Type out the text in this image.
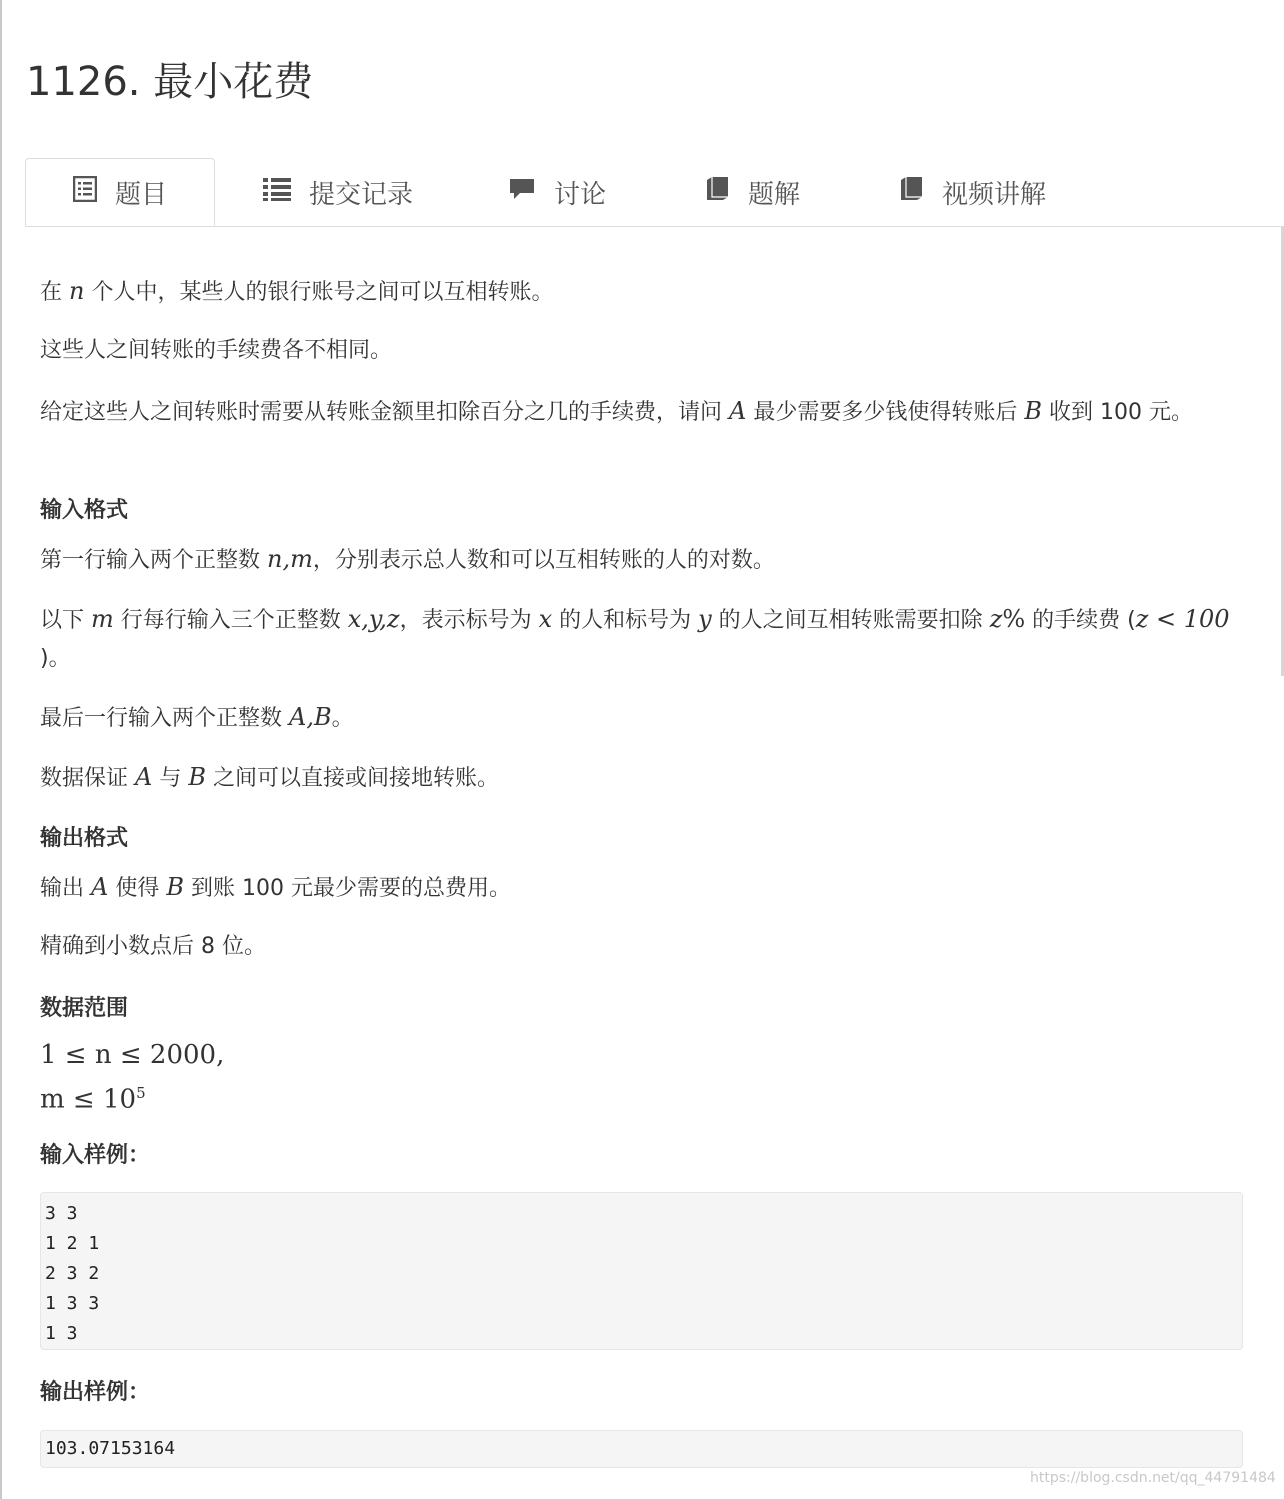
1126. 最小花费
题目	提交记录	讨论	题解	视频讲解

在 n 个人中，某些人的银行账号之间可以互相转账。

这些人之间转账的手续费各不相同。

给定这些人之间转账时需要从转账金额里扣除百分之几的手续费，请问 A 最少需要多少钱使得转账后 B 收到 100 元。

输入格式

第一行输入两个正整数 n,m，分别表示总人数和可以互相转账的人的对数。

以下 m 行每行输入三个正整数 x,y,z，表示标号为 x 的人和标号为 y 的人之间互相转账需要扣除 z% 的手续费 (z < 100 )。

最后一行输入两个正整数 A,B。

数据保证 A 与 B 之间可以直接或间接地转账。

输出格式

输出 A 使得 B 到账 100 元最少需要的总费用。

精确到小数点后 8 位。

数据范围

1 ≤ n ≤ 2000,

$m \le 10^5$

输入样例：
3 3
1 2 1
2 3 2
1 3 3
1 3
输出样例：
103.07153164
https://blog.csdn.net/qq_44791484
